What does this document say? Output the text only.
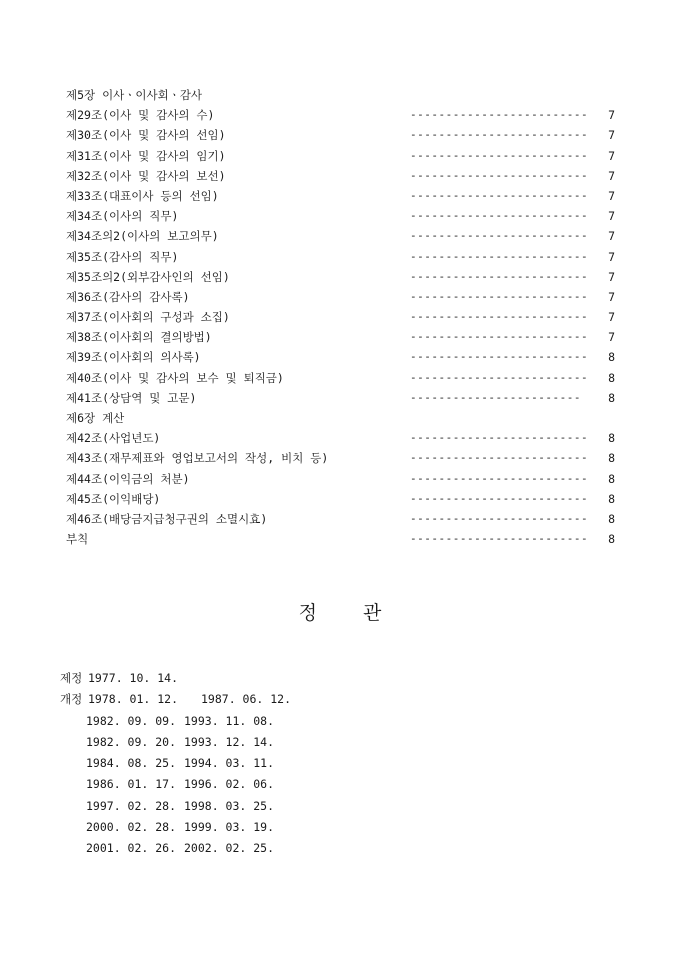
제5장 이사ㆍ이사회ㆍ감사
제29조(이사 및 감사의 수)	-------------------------	7
제30조(이사 및 감사의 선임)	-------------------------	7
제31조(이사 및 감사의 임기)	-------------------------	7
제32조(이사 및 감사의 보선)	-------------------------	7
제33조(대표이사 등의 선임)	-------------------------	7
제34조(이사의 직무)	-------------------------	7
제34조의2(이사의 보고의무)	-------------------------	7
제35조(감사의 직무)	-------------------------	7
제35조의2(외부감사인의 선임)	-------------------------	7
제36조(감사의 감사록)	-------------------------	7
제37조(이사회의 구성과 소집)	-------------------------	7
제38조(이사회의 결의방법)	-------------------------	7
제39조(이사회의 의사록)	-------------------------	8
제40조(이사 및 감사의 보수 및 퇴직금)	-------------------------	8
제41조(상담역 및 고문)	------------------------	8
제6장 계산
제42조(사업년도)	-------------------------	8
제43조(재무제표와 영업보고서의 작성, 비치 등)	-------------------------	8
제44조(이익금의 처분)	-------------------------	8
제45조(이익배당)	-------------------------	8
제46조(배당금지급청구권의 소멸시효)	-------------------------	8
부칙	-------------------------	8
정 관
제정 1977. 10. 14.
개정 1978. 01. 12. 1987. 06. 12.
1982. 09. 09. 1993. 11. 08.
1982. 09. 20. 1993. 12. 14.
1984. 08. 25. 1994. 03. 11.
1986. 01. 17. 1996. 02. 06.
1997. 02. 28. 1998. 03. 25.
2000. 02. 28. 1999. 03. 19.
2001. 02. 26. 2002. 02. 25.
